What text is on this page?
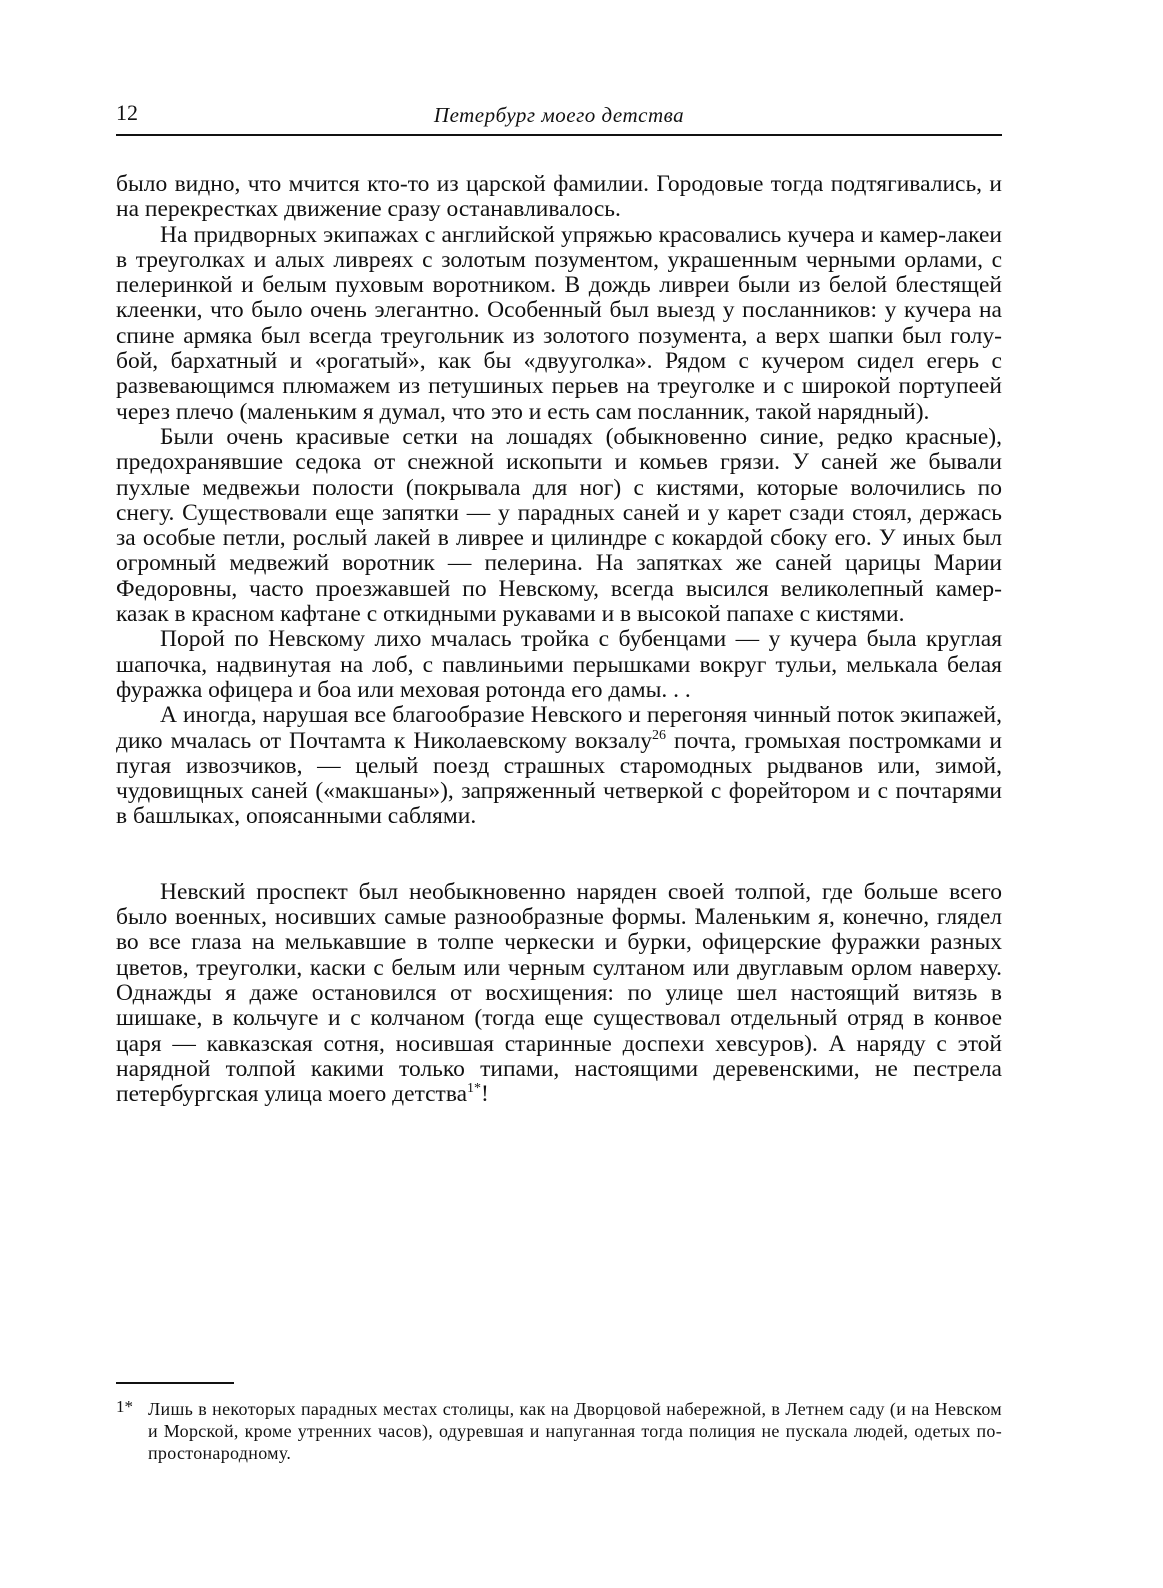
12	Петербург моего детства

было видно, что мчится кто-то из царской фамилии. Городовые тогда подтягивались, и на перекрестках движение сразу останавливалось.

На придворных экипажах с английской упряжью красовались кучера и камер-лакеи в треуголках и алых ливреях с золотым позументом, украшенным черными орлами, с пелеринкой и белым пуховым воротником. В дождь ливреи были из белой блестящей клеенки, что было очень элегантно. Особенный был выезд у посланников: у кучера на спине армяка был всегда треугольник из золотого позумента, а верх шапки был голубой, бархатный и «рогатый», как бы «двууголка». Рядом с кучером сидел егерь с развевающимся плюмажем из петушиных перьев на треуголке и с широкой портупеей через плечо (маленьким я думал, что это и есть сам посланник, такой нарядный).

Были очень красивые сетки на лошадях (обыкновенно синие, редко красные), предохранявшие седока от снежной ископыти и комьев грязи. У саней же бывали пухлые медвежьи полости (покрывала для ног) с кистями, которые волочились по снегу. Существовали еще запятки — у парадных саней и у карет сзади стоял, держась за особые петли, рослый лакей в ливрее и цилиндре с кокардой сбоку его. У иных был огромный медвежий воротник — пелерина. На запятках же саней царицы Марии Федоровны, часто проезжавшей по Невскому, всегда высился великолепный камер-казак в красном кафтане с откидными рукавами и в высокой папахе с кистями.

Порой по Невскому лихо мчалась тройка с бубенцами — у кучера была круглая шапочка, надвинутая на лоб, с павлиньими перышками вокруг тульи, мелькала белая фуражка офицера и боа или меховая ротонда его дамы. . .

А иногда, нарушая все благообразие Невского и перегоняя чинный поток экипажей, дико мчалась от Почтамта к Николаевскому вокзалу$^{26}$ почта, громыхая постромками и пугая извозчиков, — целый поезд страшных старомодных рыдванов или, зимой, чудовищных саней («макшаны»), запряженный четверкой с форейтором и с почтарями в башлыках, опоясанными саблями.

Невский проспект был необыкновенно наряден своей толпой, где больше всего было военных, носивших самые разнообразные формы. Маленьким я, конечно, глядел во все глаза на мелькавшие в толпе черкески и бурки, офицерские фуражки разных цветов, треуголки, каски с белым или черным султаном или двуглавым орлом наверху. Однажды я даже остановился от восхищения: по улице шел настоящий витязь в шишаке, в кольчуге и с колчаном (тогда еще существовал отдельный отряд в конвое царя — кавказская сотня, носившая старинные доспехи хевсуров). А наряду с этой нарядной толпой какими только типами, настоящими деревенскими, не пестрела петербургская улица моего детства$^{1*}$!

1* Лишь в некоторых парадных местах столицы, как на Дворцовой набережной, в Летнем саду (и на Невском и Морской, кроме утренних часов), одуревшая и напуганная тогда полиция не пускала людей, одетых по-простонародному.
